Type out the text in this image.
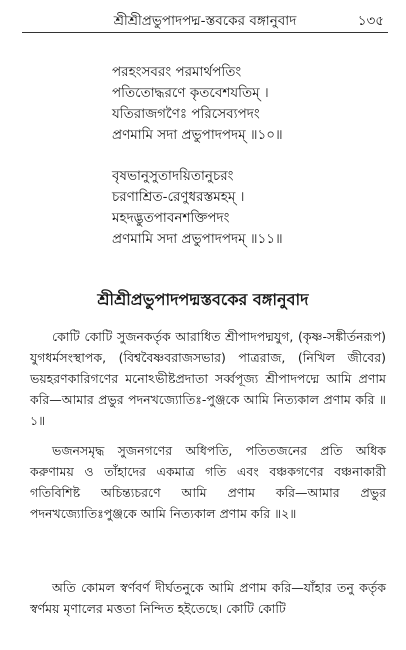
শ্রীশ্রীপ্রভুপাদপদ্ম-স্তবকের বঙ্গানুবাদ	১৩৫
পরহংসবরং পরমার্থপতিং
পতিতোদ্ধরণে কৃতবেশযতিম্ ।
যতিরাজগণৈঃ পরিসেব্যপদং
প্রণমামি সদা প্রভুপাদপদম্ ॥১০॥
বৃষভানুসুতাদয়িতানুচরং
চরণাশ্রিত-রেণুধরস্তমহম্ ।
মহদদ্ভুতপাবনশক্তিপদং
প্রণমামি সদা প্রভুপাদপদম্ ॥১১॥
শ্রীশ্রীপ্রভুপাদপদ্মস্তবকের বঙ্গানুবাদ

কোটি কোটি সুজনকর্তৃক আরাধিত শ্রীপাদপদ্মযুগ, (কৃষ্ণ-সঙ্কীর্তনরূপ) যুগধর্মসংস্থাপক, (বিশ্ববৈষ্ণবরাজসভার) পাত্ররাজ, (নিখিল জীবের) ভয়হরণকারিগণের মনোঽভীষ্টপ্রদাতা সর্ব্বপূজ্য শ্রীপাদপদ্মে আমি প্রণাম করি—আমার প্রভুর পদনখজ্যোতিঃ-পুঞ্জকে আমি নিত্যকাল প্রণাম করি ॥১॥

ভজনসমৃদ্ধ সুজনগণের অধিপতি, পতিতজনের প্রতি অধিক করুণাময় ও তাঁহাদের একমাত্র গতি এবং বঞ্চকগণের বঞ্চনাকারী গতিবিশিষ্ট অচিন্ত্যচরণে আমি প্রণাম করি—আমার প্রভুর পদনখজ্যোতিঃপুঞ্জকে আমি নিত্যকাল প্রণাম করি ॥২॥

অতি কোমল স্বর্ণবর্ণ দীর্ঘতনুকে আমি প্রণাম করি—যাঁহার তনু কর্তৃক স্বর্ণময় মৃণালের মত্ততা নিন্দিত হইতেছে। কোটি কোটি
